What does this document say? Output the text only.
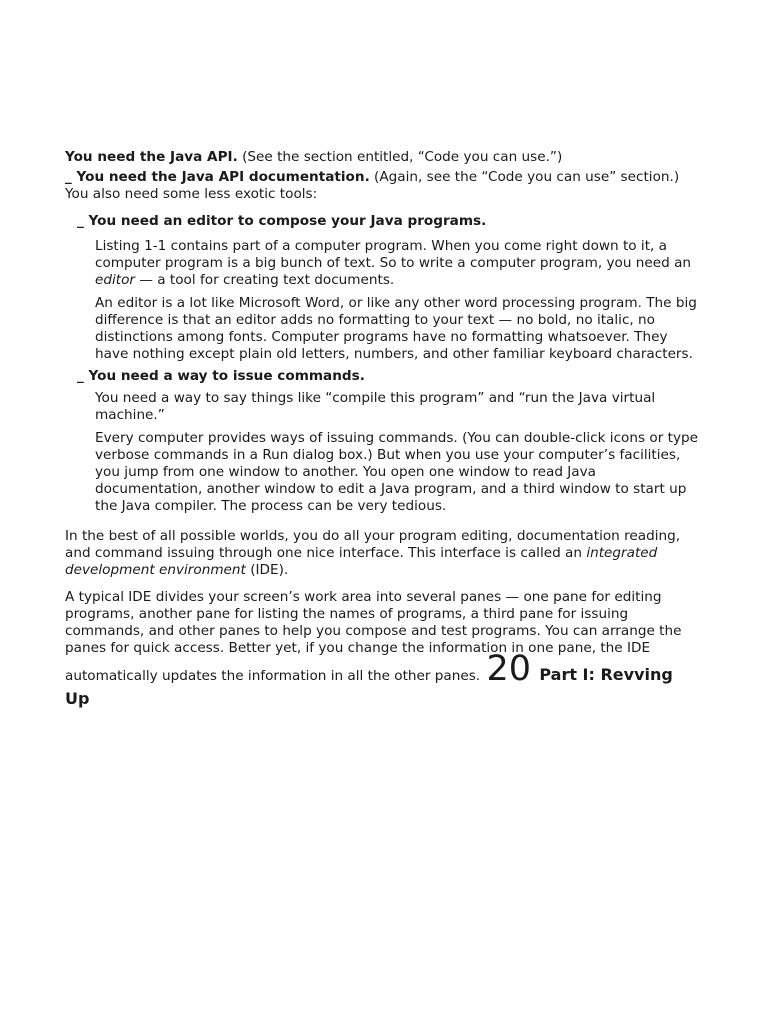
You need the Java API. (See the section entitled, “Code you can use.”)

_ You need the Java API documentation. (Again, see the “Code you can use” section.)

You also need some less exotic tools:

_ You need an editor to compose your Java programs.

Listing 1-1 contains part of a computer program. When you come right down to it, a computer program is a big bunch of text. So to write a computer program, you need an editor — a tool for creating text documents.

An editor is a lot like Microsoft Word, or like any other word processing program. The big difference is that an editor adds no formatting to your text — no bold, no italic, no distinctions among fonts. Computer programs have no formatting whatsoever. They have nothing except plain old letters, numbers, and other familiar keyboard characters.

_ You need a way to issue commands.

You need a way to say things like “compile this program” and “run the Java virtual machine.”

Every computer provides ways of issuing commands. (You can double-click icons or type verbose commands in a Run dialog box.) But when you use your computer’s facilities, you jump from one window to another. You open one window to read Java documentation, another window to edit a Java program, and a third window to start up the Java compiler. The process can be very tedious.

In the best of all possible worlds, you do all your program editing, documentation reading, and command issuing through one nice interface. This interface is called an integrated development environment (IDE).

A typical IDE divides your screen’s work area into several panes — one pane for editing programs, another pane for listing the names of programs, a third pane for issuing commands, and other panes to help you compose and test programs. You can arrange the panes for quick access. Better yet, if you change the information in one pane, the IDE

automatically updates the information in all the other panes. 20 Part I: Revving

Up
